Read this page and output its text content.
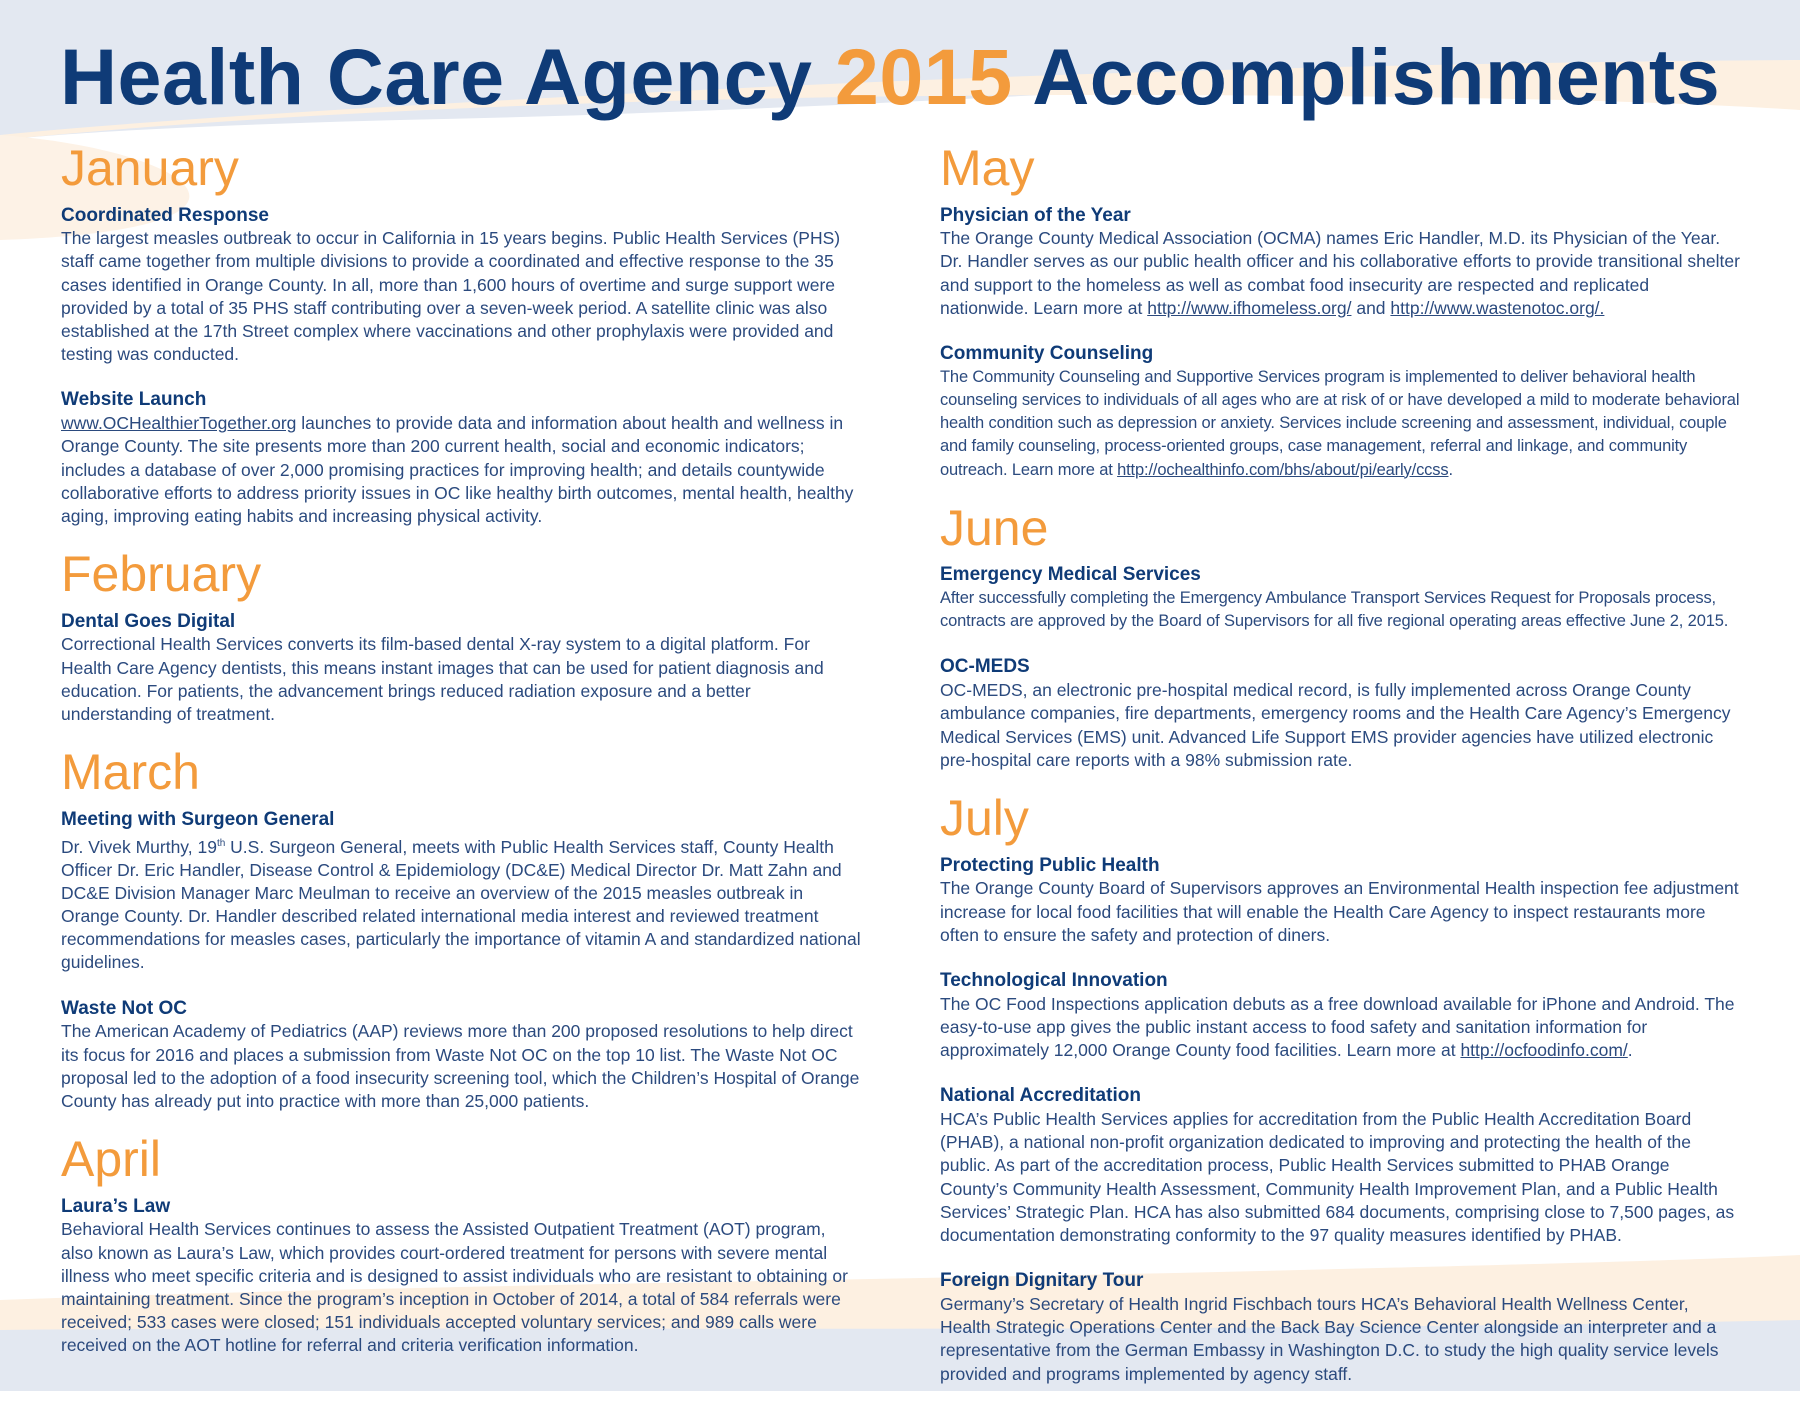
Health Care Agency 2015 Accomplishments
January
Coordinated Response
The largest measles outbreak to occur in California in 15 years begins. Public Health Services (PHS) staff came together from multiple divisions to provide a coordinated and effective response to the 35 cases identified in Orange County. In all, more than 1,600 hours of overtime and surge support were provided by a total of 35 PHS staff contributing over a seven-week period. A satellite clinic was also established at the 17th Street complex where vaccinations and other prophylaxis were provided and testing was conducted.
Website Launch
www.OCHealthierTogether.org launches to provide data and information about health and wellness in Orange County. The site presents more than 200 current health, social and economic indicators; includes a database of over 2,000 promising practices for improving health; and details countywide collaborative efforts to address priority issues in OC like healthy birth outcomes, mental health, healthy aging, improving eating habits and increasing physical activity.
February
Dental Goes Digital
Correctional Health Services converts its film-based dental X-ray system to a digital platform. For Health Care Agency dentists, this means instant images that can be used for patient diagnosis and education. For patients, the advancement brings reduced radiation exposure and a better understanding of treatment.
March
Meeting with Surgeon General
Dr. Vivek Murthy, 19th U.S. Surgeon General, meets with Public Health Services staff, County Health Officer Dr. Eric Handler, Disease Control & Epidemiology (DC&E) Medical Director Dr. Matt Zahn and DC&E Division Manager Marc Meulman to receive an overview of the 2015 measles outbreak in Orange County. Dr. Handler described related international media interest and reviewed treatment recommendations for measles cases, particularly the importance of vitamin A and standardized national guidelines.
Waste Not OC
The American Academy of Pediatrics (AAP) reviews more than 200 proposed resolutions to help direct its focus for 2016 and places a submission from Waste Not OC on the top 10 list. The Waste Not OC proposal led to the adoption of a food insecurity screening tool, which the Children’s Hospital of Orange County has already put into practice with more than 25,000 patients.
April
Laura’s Law
Behavioral Health Services continues to assess the Assisted Outpatient Treatment (AOT) program, also known as Laura’s Law, which provides court-ordered treatment for persons with severe mental illness who meet specific criteria and is designed to assist individuals who are resistant to obtaining or maintaining treatment. Since the program’s inception in October of 2014, a total of 584 referrals were received; 533 cases were closed; 151 individuals accepted voluntary services; and 989 calls were received on the AOT hotline for referral and criteria verification information.
May
Physician of the Year
The Orange County Medical Association (OCMA) names Eric Handler, M.D. its Physician of the Year. Dr. Handler serves as our public health officer and his collaborative efforts to provide transitional shelter and support to the homeless as well as combat food insecurity are respected and replicated nationwide. Learn more at http://www.ifhomeless.org/ and http://www.wastenotoc.org/.
Community Counseling
The Community Counseling and Supportive Services program is implemented to deliver behavioral health counseling services to individuals of all ages who are at risk of or have developed a mild to moderate behavioral health condition such as depression or anxiety. Services include screening and assessment, individual, couple and family counseling, process-oriented groups, case management, referral and linkage, and community outreach. Learn more at http://ochealthinfo.com/bhs/about/pi/early/ccss.
June
Emergency Medical Services
After successfully completing the Emergency Ambulance Transport Services Request for Proposals process, contracts are approved by the Board of Supervisors for all five regional operating areas effective June 2, 2015.
OC-MEDS
OC-MEDS, an electronic pre-hospital medical record, is fully implemented across Orange County ambulance companies, fire departments, emergency rooms and the Health Care Agency’s Emergency Medical Services (EMS) unit. Advanced Life Support EMS provider agencies have utilized electronic pre-hospital care reports with a 98% submission rate.
July
Protecting Public Health
The Orange County Board of Supervisors approves an Environmental Health inspection fee adjustment increase for local food facilities that will enable the Health Care Agency to inspect restaurants more often to ensure the safety and protection of diners.
Technological Innovation
The OC Food Inspections application debuts as a free download available for iPhone and Android. The easy-to-use app gives the public instant access to food safety and sanitation information for approximately 12,000 Orange County food facilities. Learn more at http://ocfoodinfo.com/.
National Accreditation
HCA’s Public Health Services applies for accreditation from the Public Health Accreditation Board (PHAB), a national non-profit organization dedicated to improving and protecting the health of the public. As part of the accreditation process, Public Health Services submitted to PHAB Orange County’s Community Health Assessment, Community Health Improvement Plan, and a Public Health Services’ Strategic Plan. HCA has also submitted 684 documents, comprising close to 7,500 pages, as documentation demonstrating conformity to the 97 quality measures identified by PHAB.
Foreign Dignitary Tour
Germany’s Secretary of Health Ingrid Fischbach tours HCA’s Behavioral Health Wellness Center, Health Strategic Operations Center and the Back Bay Science Center alongside an interpreter and a representative from the German Embassy in Washington D.C. to study the high quality service levels provided and programs implemented by agency staff.
